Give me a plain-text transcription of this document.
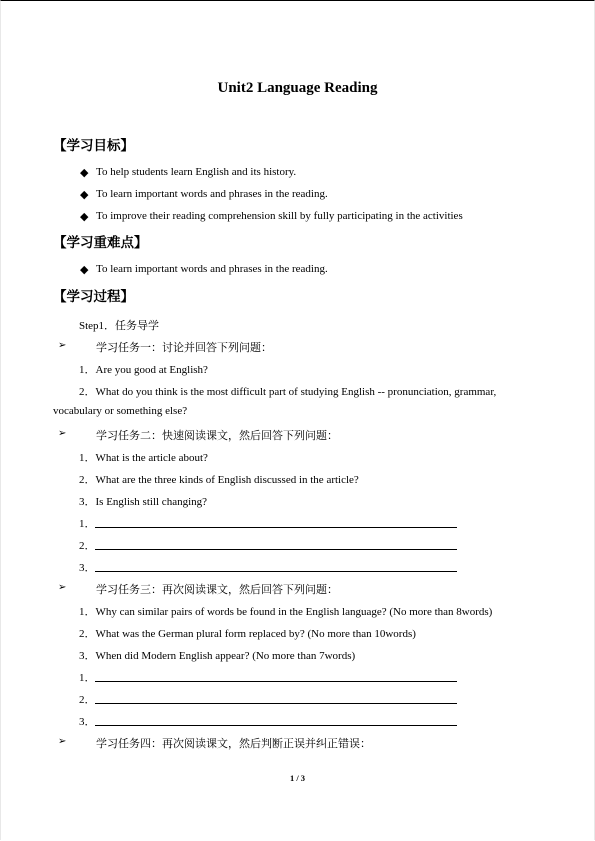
Unit2 Language Reading
【学习目标】
◆ To help students learn English and its history.
◆ To learn important words and phrases in the reading.
◆ To improve their reading comprehension skill by fully participating in the activities
【学习重难点】
◆ To learn important words and phrases in the reading.
【学习过程】
Step1．任务导学
➢	学习任务一：讨论并回答下列问题：
1．Are you good at English?
2．What do you think is the most difficult part of studying English -- pronunciation, grammar,
vocabulary or something else?
➢	学习任务二：快速阅读课文，然后回答下列问题：
1．What is the article about?
2．What are the three kinds of English discussed in the article?
3．Is English still changing?
1．
2．
3．
➢	学习任务三：再次阅读课文，然后回答下列问题：
1．Why can similar pairs of words be found in the English language? (No more than 8words)
2．What was the German plural form replaced by? (No more than 10words)
3．When did Modern English appear? (No more than 7words)
1．
2．
3．
➢	学习任务四：再次阅读课文，然后判断正误并纠正错误：
1 / 3
